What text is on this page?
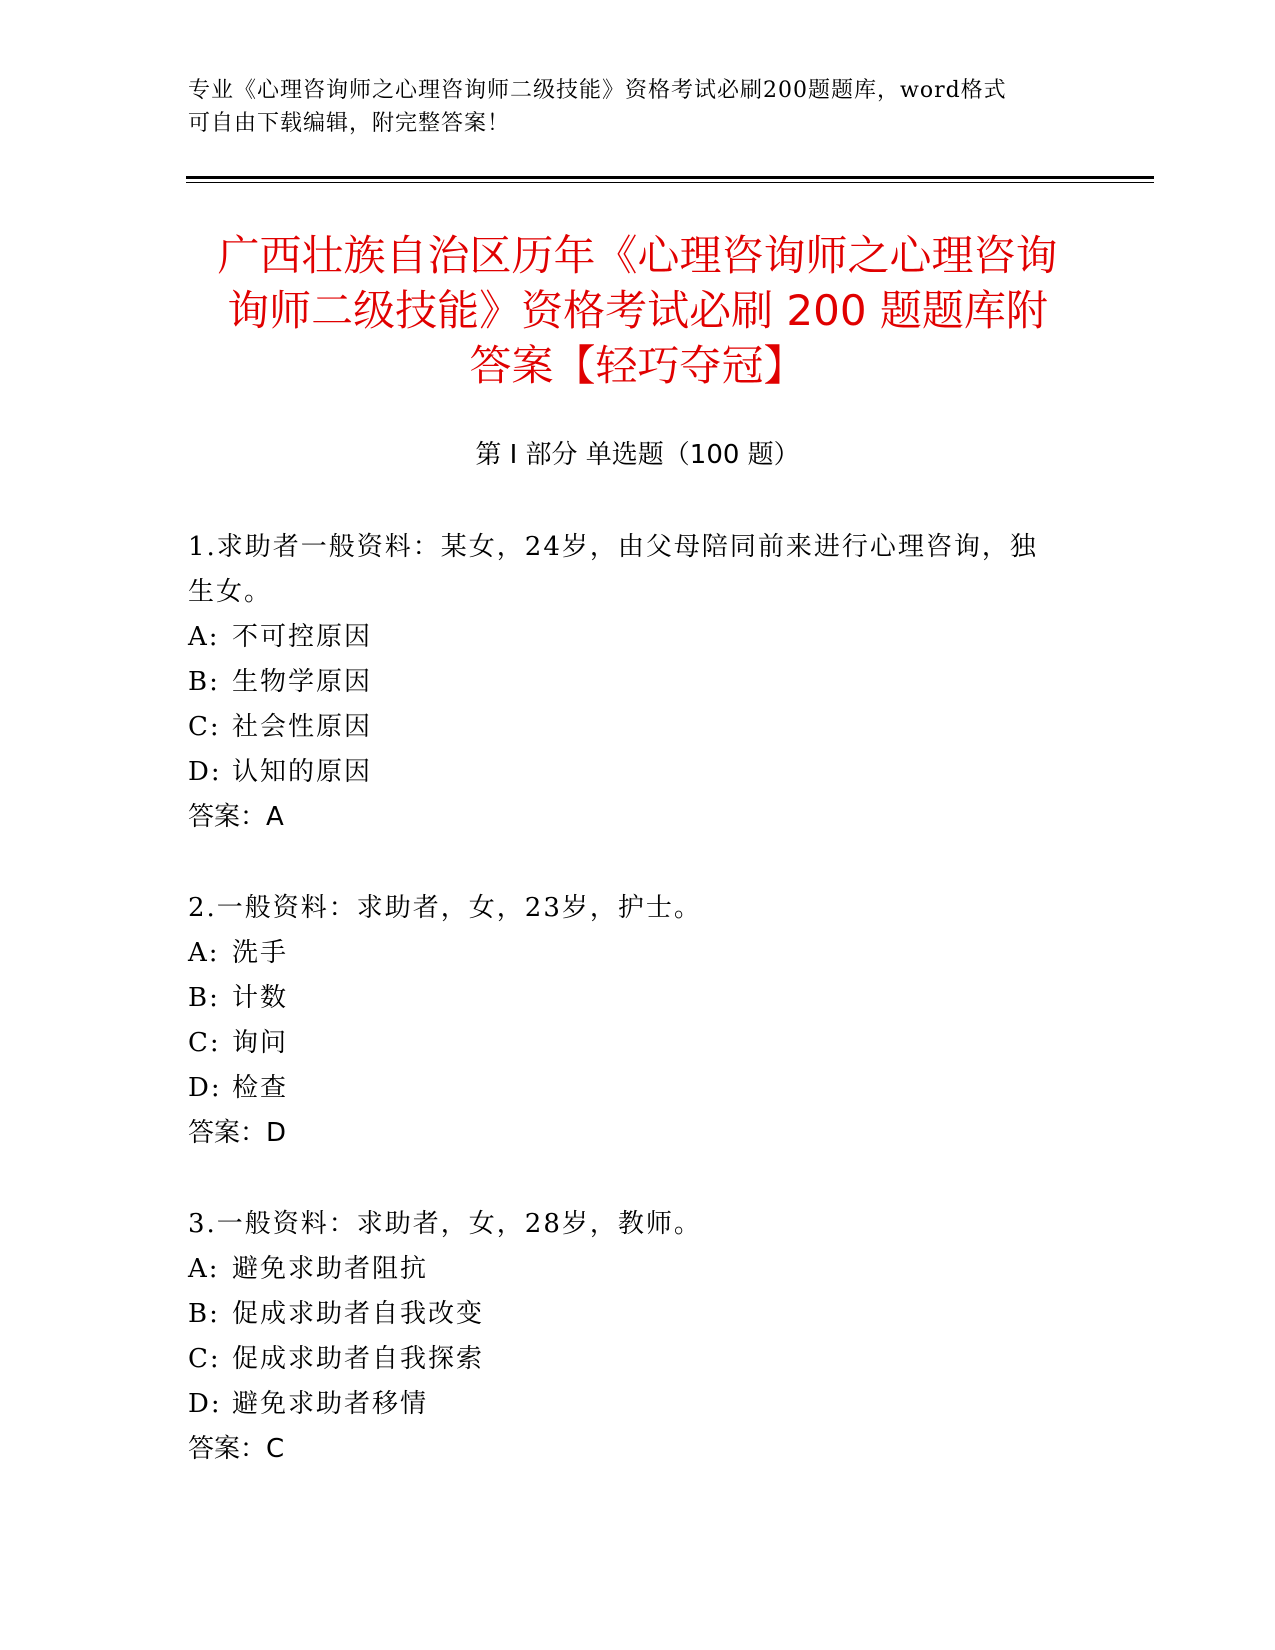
专业《心理咨询师之心理咨询师二级技能》资格考试必刷200题题库，word格式
可自由下载编辑，附完整答案！
广西壮族自治区历年《心理咨询师之心理咨询
询师二级技能》资格考试必刷 200 题题库附
答案【轻巧夺冠】
第 I 部分 单选题（100 题）
1.求助者一般资料：某女，24岁，由父母陪同前来进行心理咨询，独
生女。
A: 不可控原因
B: 生物学原因
C: 社会性原因
D: 认知的原因
答案：A
2.一般资料：求助者，女，23岁，护士。
A: 洗手
B: 计数
C: 询问
D: 检查
答案：D
3.一般资料：求助者，女，28岁，教师。
A: 避免求助者阻抗
B: 促成求助者自我改变
C: 促成求助者自我探索
D: 避免求助者移情
答案：C
